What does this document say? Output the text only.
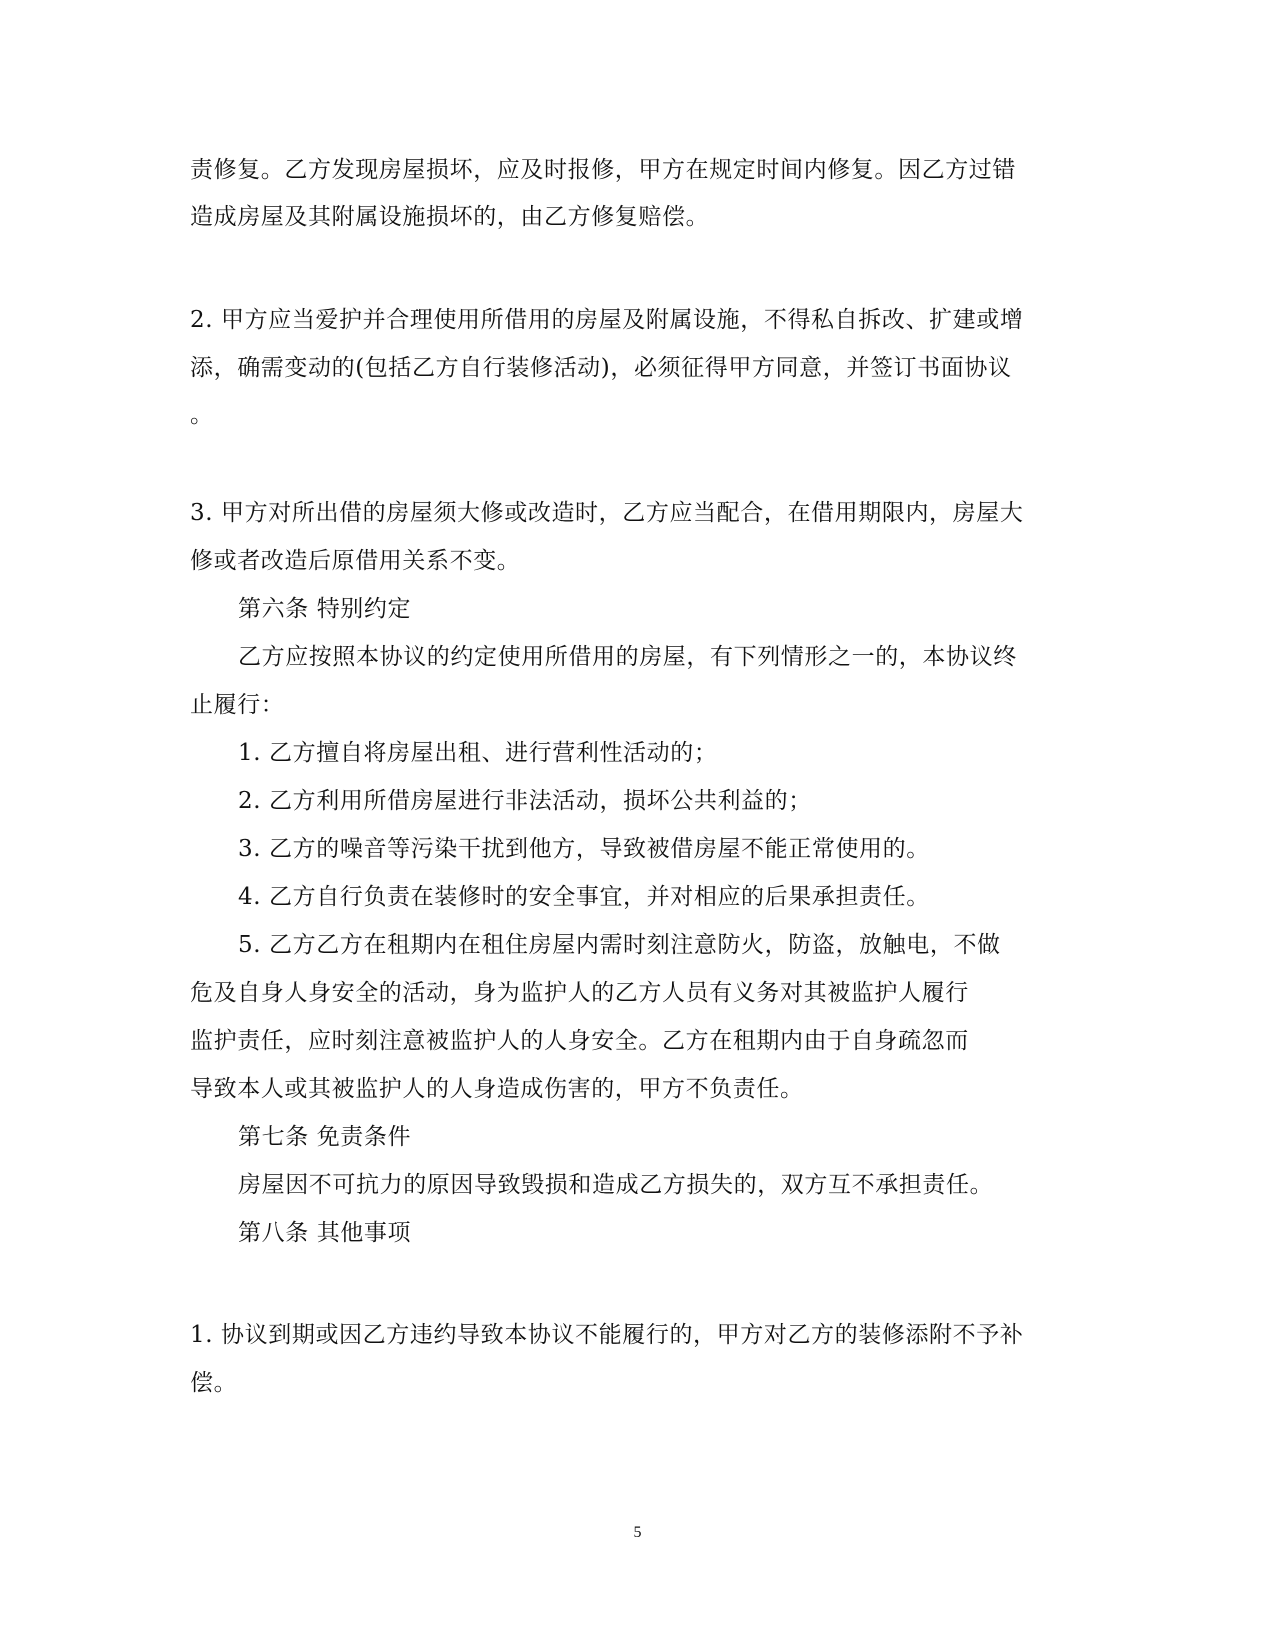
责修复。乙方发现房屋损坏，应及时报修，甲方在规定时间内修复。因乙方过错
造成房屋及其附属设施损坏的，由乙方修复赔偿。
2. 甲方应当爱护并合理使用所借用的房屋及附属设施，不得私自拆改、扩建或增
添，确需变动的(包括乙方自行装修活动)，必须征得甲方同意，并签订书面协议
。
3. 甲方对所出借的房屋须大修或改造时，乙方应当配合，在借用期限内，房屋大
修或者改造后原借用关系不变。
第六条 特别约定
乙方应按照本协议的约定使用所借用的房屋，有下列情形之一的，本协议终
止履行：
1. 乙方擅自将房屋出租、进行营利性活动的；
2. 乙方利用所借房屋进行非法活动，损坏公共利益的；
3. 乙方的噪音等污染干扰到他方，导致被借房屋不能正常使用的。
4. 乙方自行负责在装修时的安全事宜，并对相应的后果承担责任。
5. 乙方乙方在租期内在租住房屋内需时刻注意防火，防盗，放触电，不做
危及自身人身安全的活动，身为监护人的乙方人员有义务对其被监护人履行
监护责任，应时刻注意被监护人的人身安全。乙方在租期内由于自身疏忽而
导致本人或其被监护人的人身造成伤害的，甲方不负责任。
第七条 免责条件
房屋因不可抗力的原因导致毁损和造成乙方损失的，双方互不承担责任。
第八条 其他事项
1. 协议到期或因乙方违约导致本协议不能履行的，甲方对乙方的装修添附不予补
偿。
5
